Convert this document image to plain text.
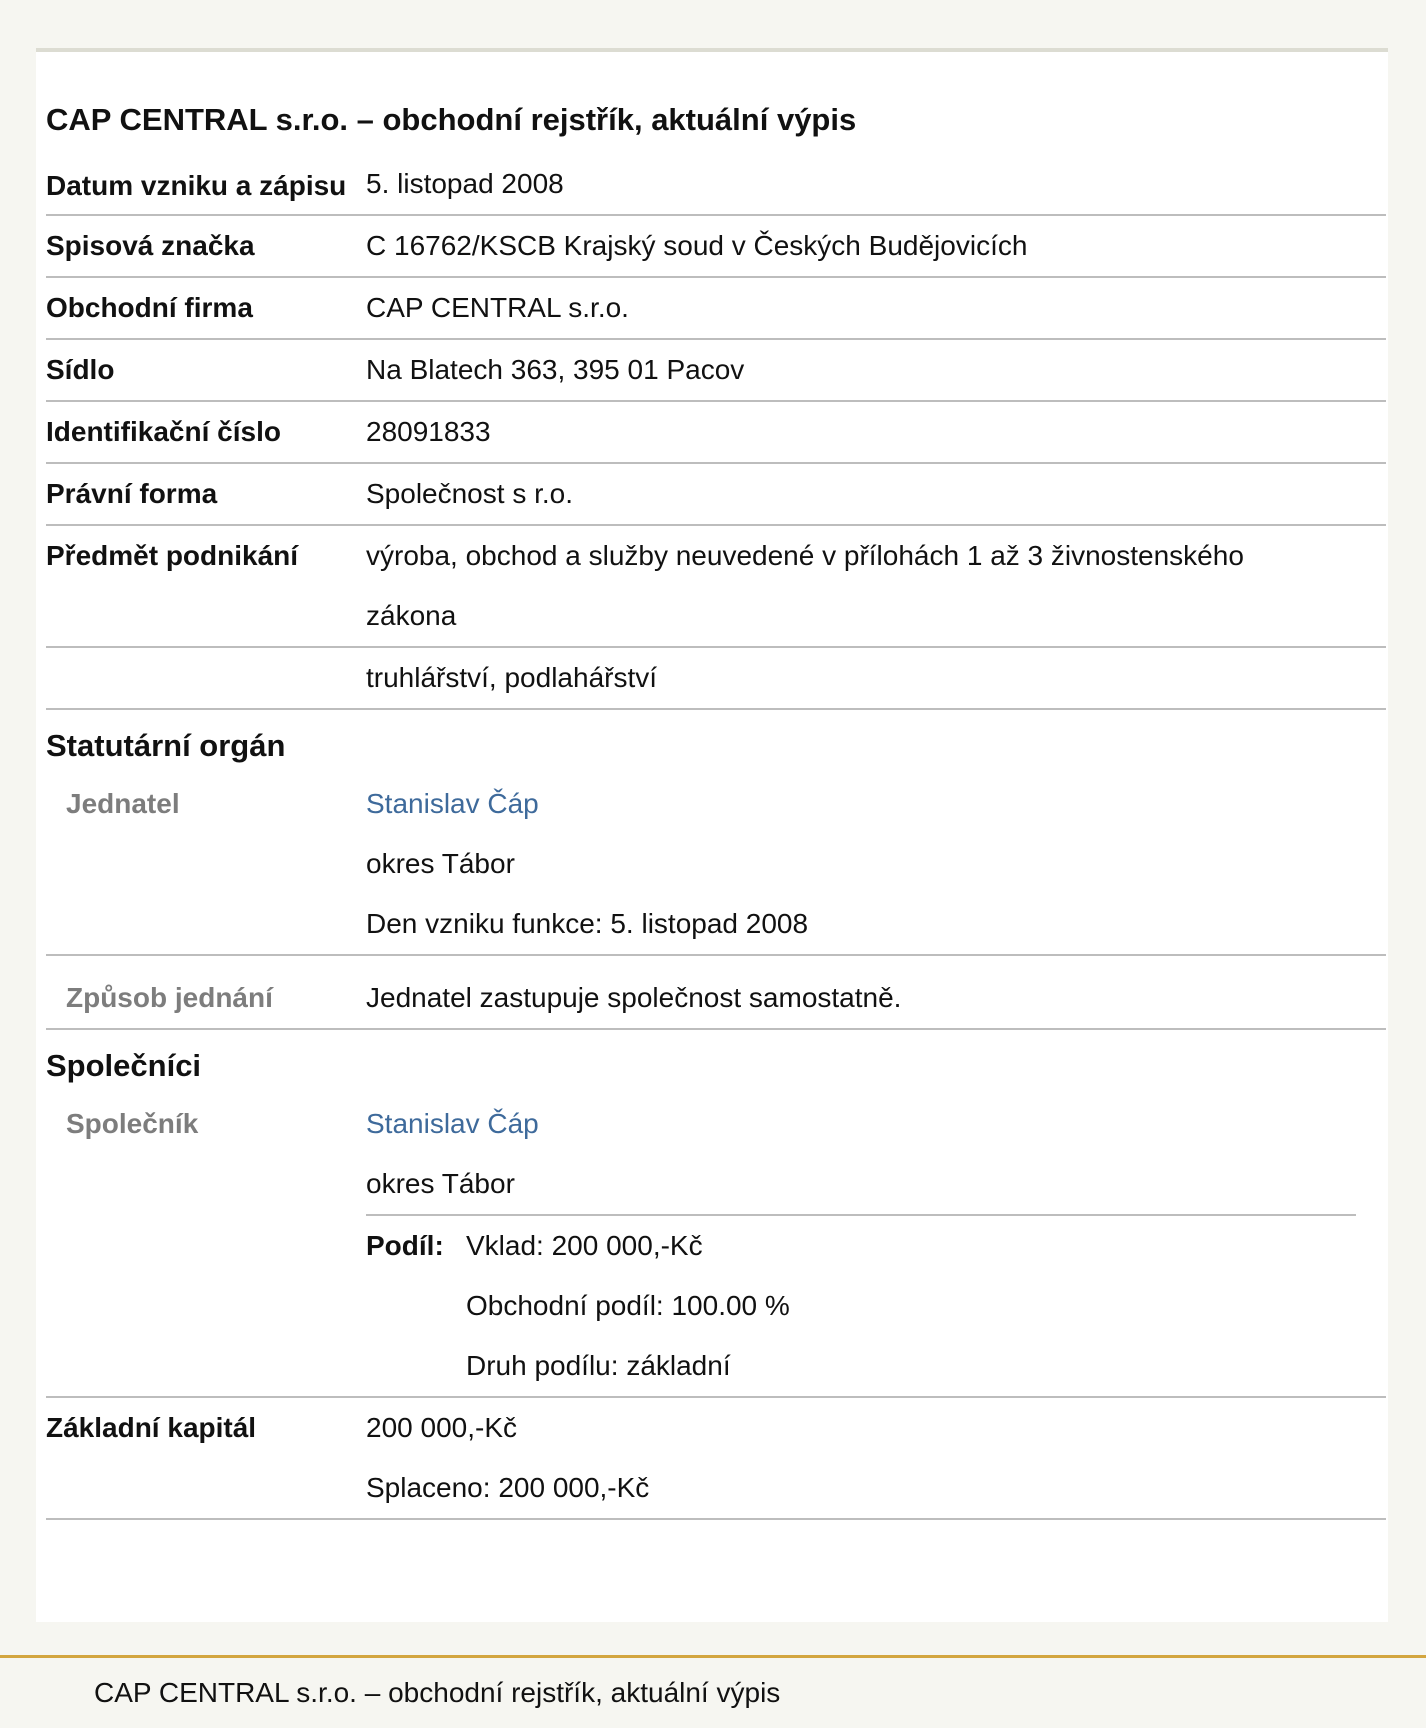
CAP CENTRAL s.r.o. – obchodní rejstřík, aktuální výpis
Datum vzniku a zápisu 5. listopad 2008
Spisová značka	C 16762/KSCB Krajský soud v Českých Budějovicích
Obchodní firma	CAP CENTRAL s.r.o.
Sídlo	Na Blatech 363, 395 01 Pacov
Identifikační číslo	28091833
Právní forma	Společnost s r.o.
Předmět podnikání	výroba, obchod a služby neuvedené v přílohách 1 až 3 živnostenského zákona
truhlářství, podlahářství
Statutární orgán
Jednatel	Stanislav Čáp
okres Tábor
Den vzniku funkce: 5. listopad 2008
Způsob jednání	Jednatel zastupuje společnost samostatně.
Společníci
Společník	Stanislav Čáp
okres Tábor
Podíl: Vklad: 200 000,-Kč
Obchodní podíl: 100.00 %
Druh podílu: základní
Základní kapitál	200 000,-Kč
Splaceno: 200 000,-Kč
CAP CENTRAL s.r.o. – obchodní rejstřík, aktuální výpis
